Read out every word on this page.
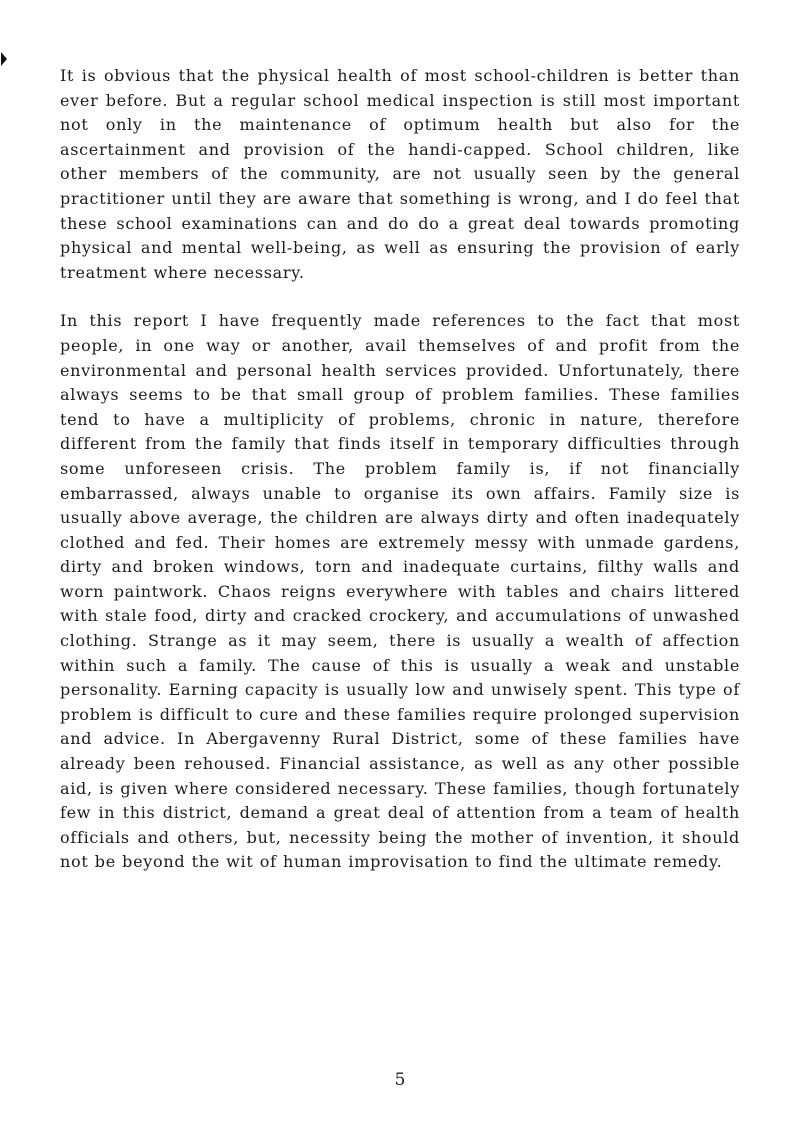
It is obvious that the physical health of most school-children is better than ever before. But a regular school medical inspection is still most important not only in the maintenance of optimum health but also for the ascertainment and provision of the handi-capped. School children, like other members of the community, are not usually seen by the general practitioner until they are aware that something is wrong, and I do feel that these school examinations can and do do a great deal towards promoting physical and mental well-being, as well as ensuring the provision of early treatment where necessary.

In this report I have frequently made references to the fact that most people, in one way or another, avail themselves of and profit from the environmental and personal health services provided. Unfortunately, there always seems to be that small group of problem families. These families tend to have a multiplicity of problems, chronic in nature, therefore different from the family that finds itself in temporary difficulties through some unforeseen crisis. The problem family is, if not financially embarrassed, always unable to organise its own affairs. Family size is usually above average, the children are always dirty and often inadequately clothed and fed. Their homes are extremely messy with unmade gardens, dirty and broken windows, torn and inadequate curtains, filthy walls and worn paintwork. Chaos reigns everywhere with tables and chairs littered with stale food, dirty and cracked crockery, and accumulations of unwashed clothing. Strange as it may seem, there is usually a wealth of affection within such a family. The cause of this is usually a weak and unstable personality. Earning capacity is usually low and unwisely spent. This type of problem is difficult to cure and these families require prolonged supervision and advice. In Abergavenny Rural District, some of these families have already been rehoused. Financial assistance, as well as any other possible aid, is given where considered necessary. These families, though fortunately few in this district, demand a great deal of attention from a team of health officials and others, but, necessity being the mother of invention, it should not be beyond the wit of human improvisation to find the ultimate remedy.

5
